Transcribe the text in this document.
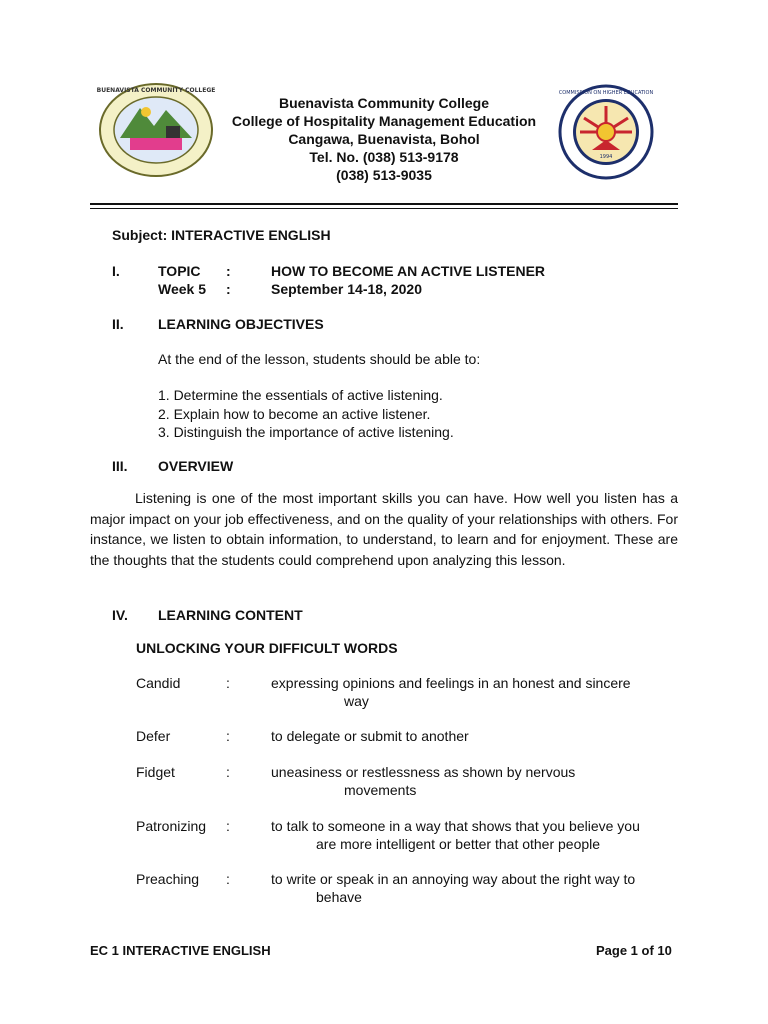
BUENAVISTA COMMUNITY COLLEGE
Buenavista Community College
College of Hospitality Management Education
Cangawa, Buenavista, Bohol
Tel. No. (038) 513-9178
(038) 513-9035
1994
COMMISSION ON HIGHER EDUCATION
Subject: INTERACTIVE ENGLISH
I.	TOPIC :	HOW TO BECOME AN ACTIVE LISTENER
Week 5 :	September 14-18, 2020
II. LEARNING OBJECTIVES
At the end of the lesson, students should be able to:
1. Determine the essentials of active listening.
2. Explain how to become an active listener.
3. Distinguish the importance of active listening.
III. OVERVIEW
Listening is one of the most important skills you can have. How well you listen has a major impact on your job effectiveness, and on the quality of your relationships with others. For instance, we listen to obtain information, to understand, to learn and for enjoyment. These are the thoughts that the students could comprehend upon analyzing this lesson.
IV. LEARNING CONTENT
UNLOCKING YOUR DIFFICULT WORDS
Candid	:	expressing opinions and feelings in an honest and sincere
way
Defer	:	to delegate or submit to another
Fidget	:	uneasiness or restlessness as shown by nervous
movements
Patronizing :	to talk to someone in a way that shows that you believe you
are more intelligent or better that other people
Preaching :	to write or speak in an annoying way about the right way to
behave
EC 1 INTERACTIVE ENGLISH	Page 1 of 10
